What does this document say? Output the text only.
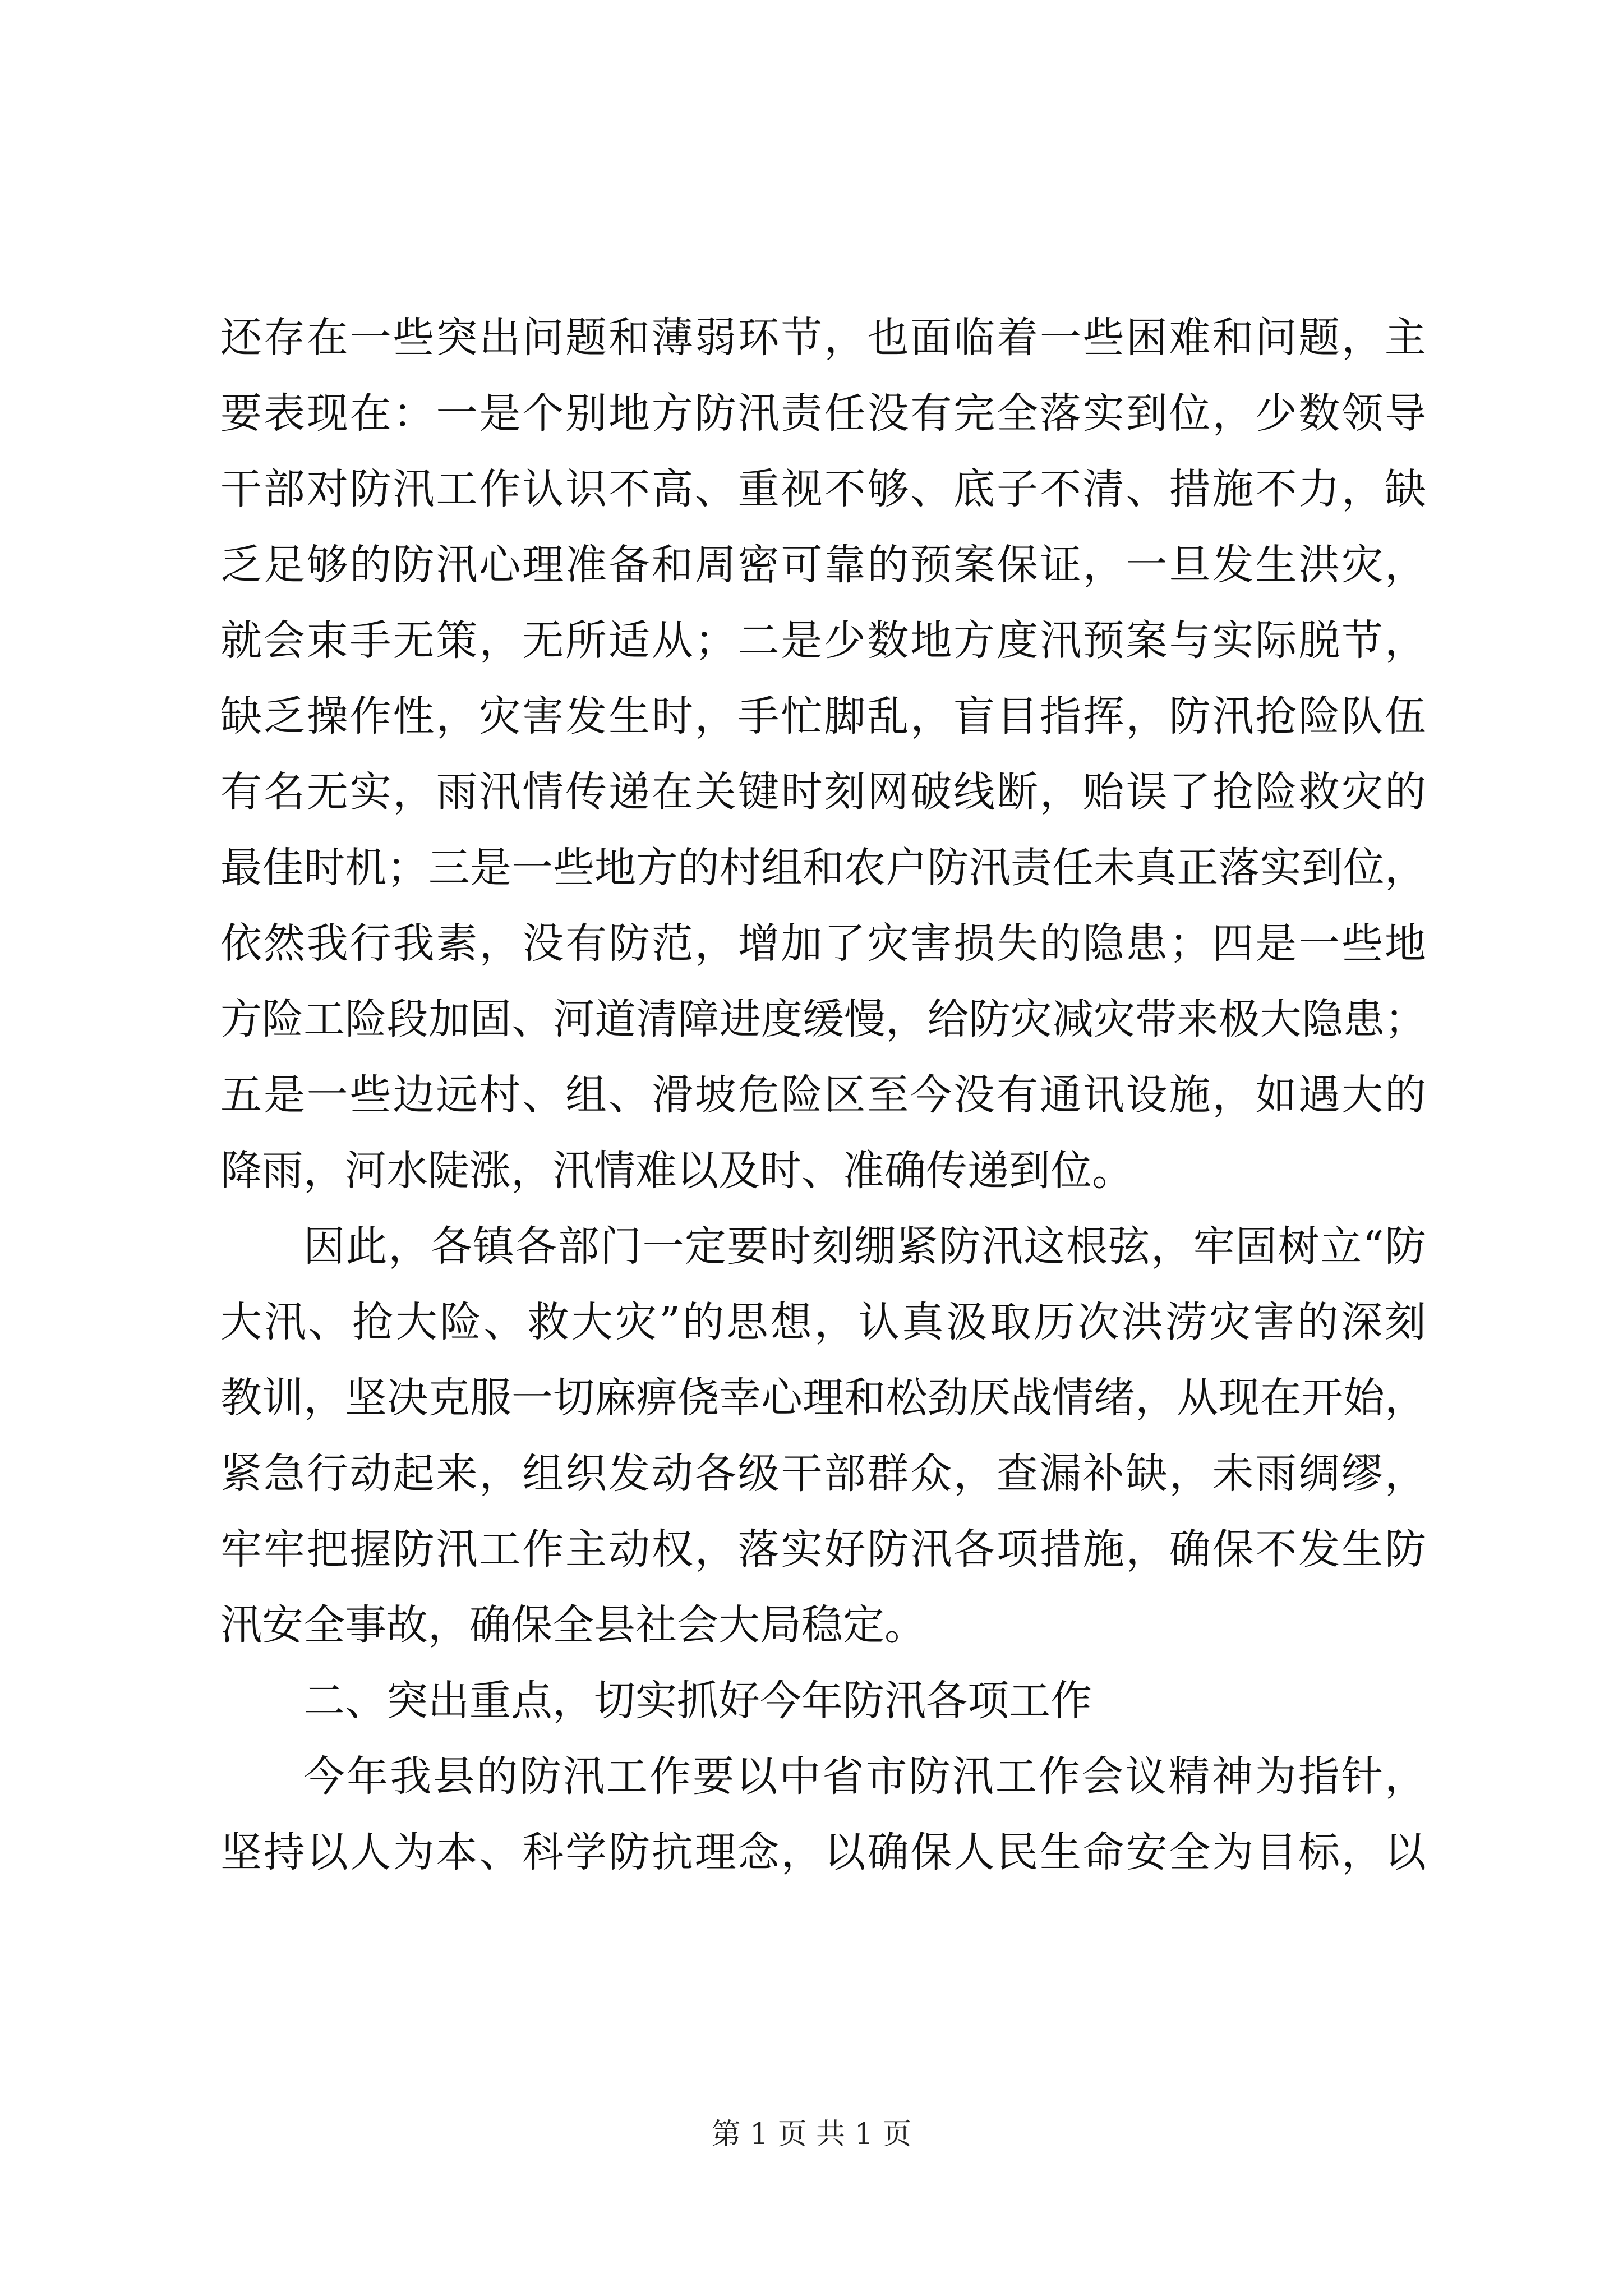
还存在一些突出问题和薄弱环节，也面临着一些困难和问题，主
要表现在：一是个别地方防汛责任没有完全落实到位，少数领导
干部对防汛工作认识不高、重视不够、底子不清、措施不力，缺
乏足够的防汛心理准备和周密可靠的预案保证，一旦发生洪灾，
就会束手无策，无所适从；二是少数地方度汛预案与实际脱节，
缺乏操作性，灾害发生时，手忙脚乱，盲目指挥，防汛抢险队伍
有名无实，雨汛情传递在关键时刻网破线断，贻误了抢险救灾的
最佳时机；三是一些地方的村组和农户防汛责任未真正落实到位，
依然我行我素，没有防范，增加了灾害损失的隐患；四是一些地
方险工险段加固、河道清障进度缓慢，给防灾减灾带来极大隐患；
五是一些边远村、组、滑坡危险区至今没有通讯设施，如遇大的
降雨，河水陡涨，汛情难以及时、准确传递到位。
因此，各镇各部门一定要时刻绷紧防汛这根弦，牢固树立“防
大汛、抢大险、救大灾”的思想，认真汲取历次洪涝灾害的深刻
教训，坚决克服一切麻痹侥幸心理和松劲厌战情绪，从现在开始，
紧急行动起来，组织发动各级干部群众，查漏补缺，未雨绸缪，
牢牢把握防汛工作主动权，落实好防汛各项措施，确保不发生防
汛安全事故，确保全县社会大局稳定。
二、突出重点，切实抓好今年防汛各项工作
今年我县的防汛工作要以中省市防汛工作会议精神为指针，
坚持以人为本、科学防抗理念，以确保人民生命安全为目标，以
第 1 页 共 1 页
